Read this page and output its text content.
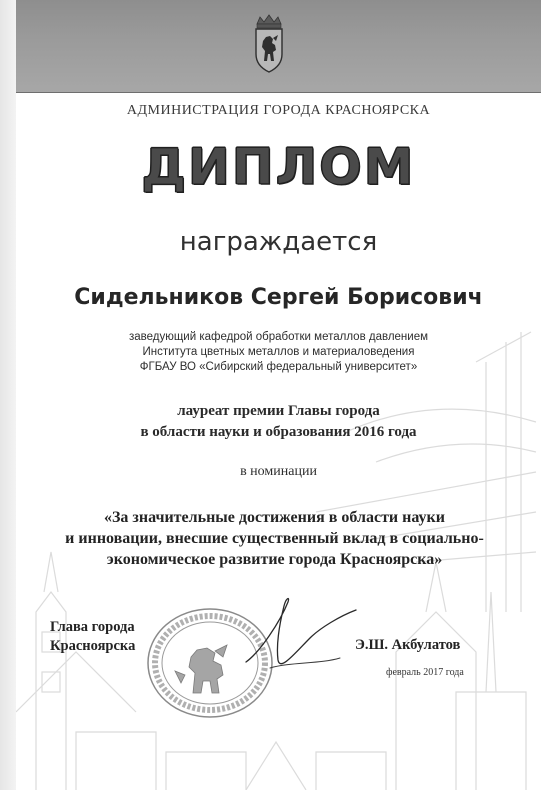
АДМИНИСТРАЦИЯ ГОРОДА КРАСНОЯРСКА
ДИПЛОМ
награждается
Сидельников Сергей Борисович
заведующий кафедрой обработки металлов давлением
Института цветных металлов и материаловедения
ФГБАУ ВО «Сибирский федеральный университет»
лауреат премии Главы города
в области науки и образования 2016 года
в номинации
«За значительные достижения в области науки
и инновации, внесшие существенный вклад в социально-
экономическое развитие города Красноярска»
Глава города
Красноярска	Э.Ш. Акбулатов
февраль 2017 года
